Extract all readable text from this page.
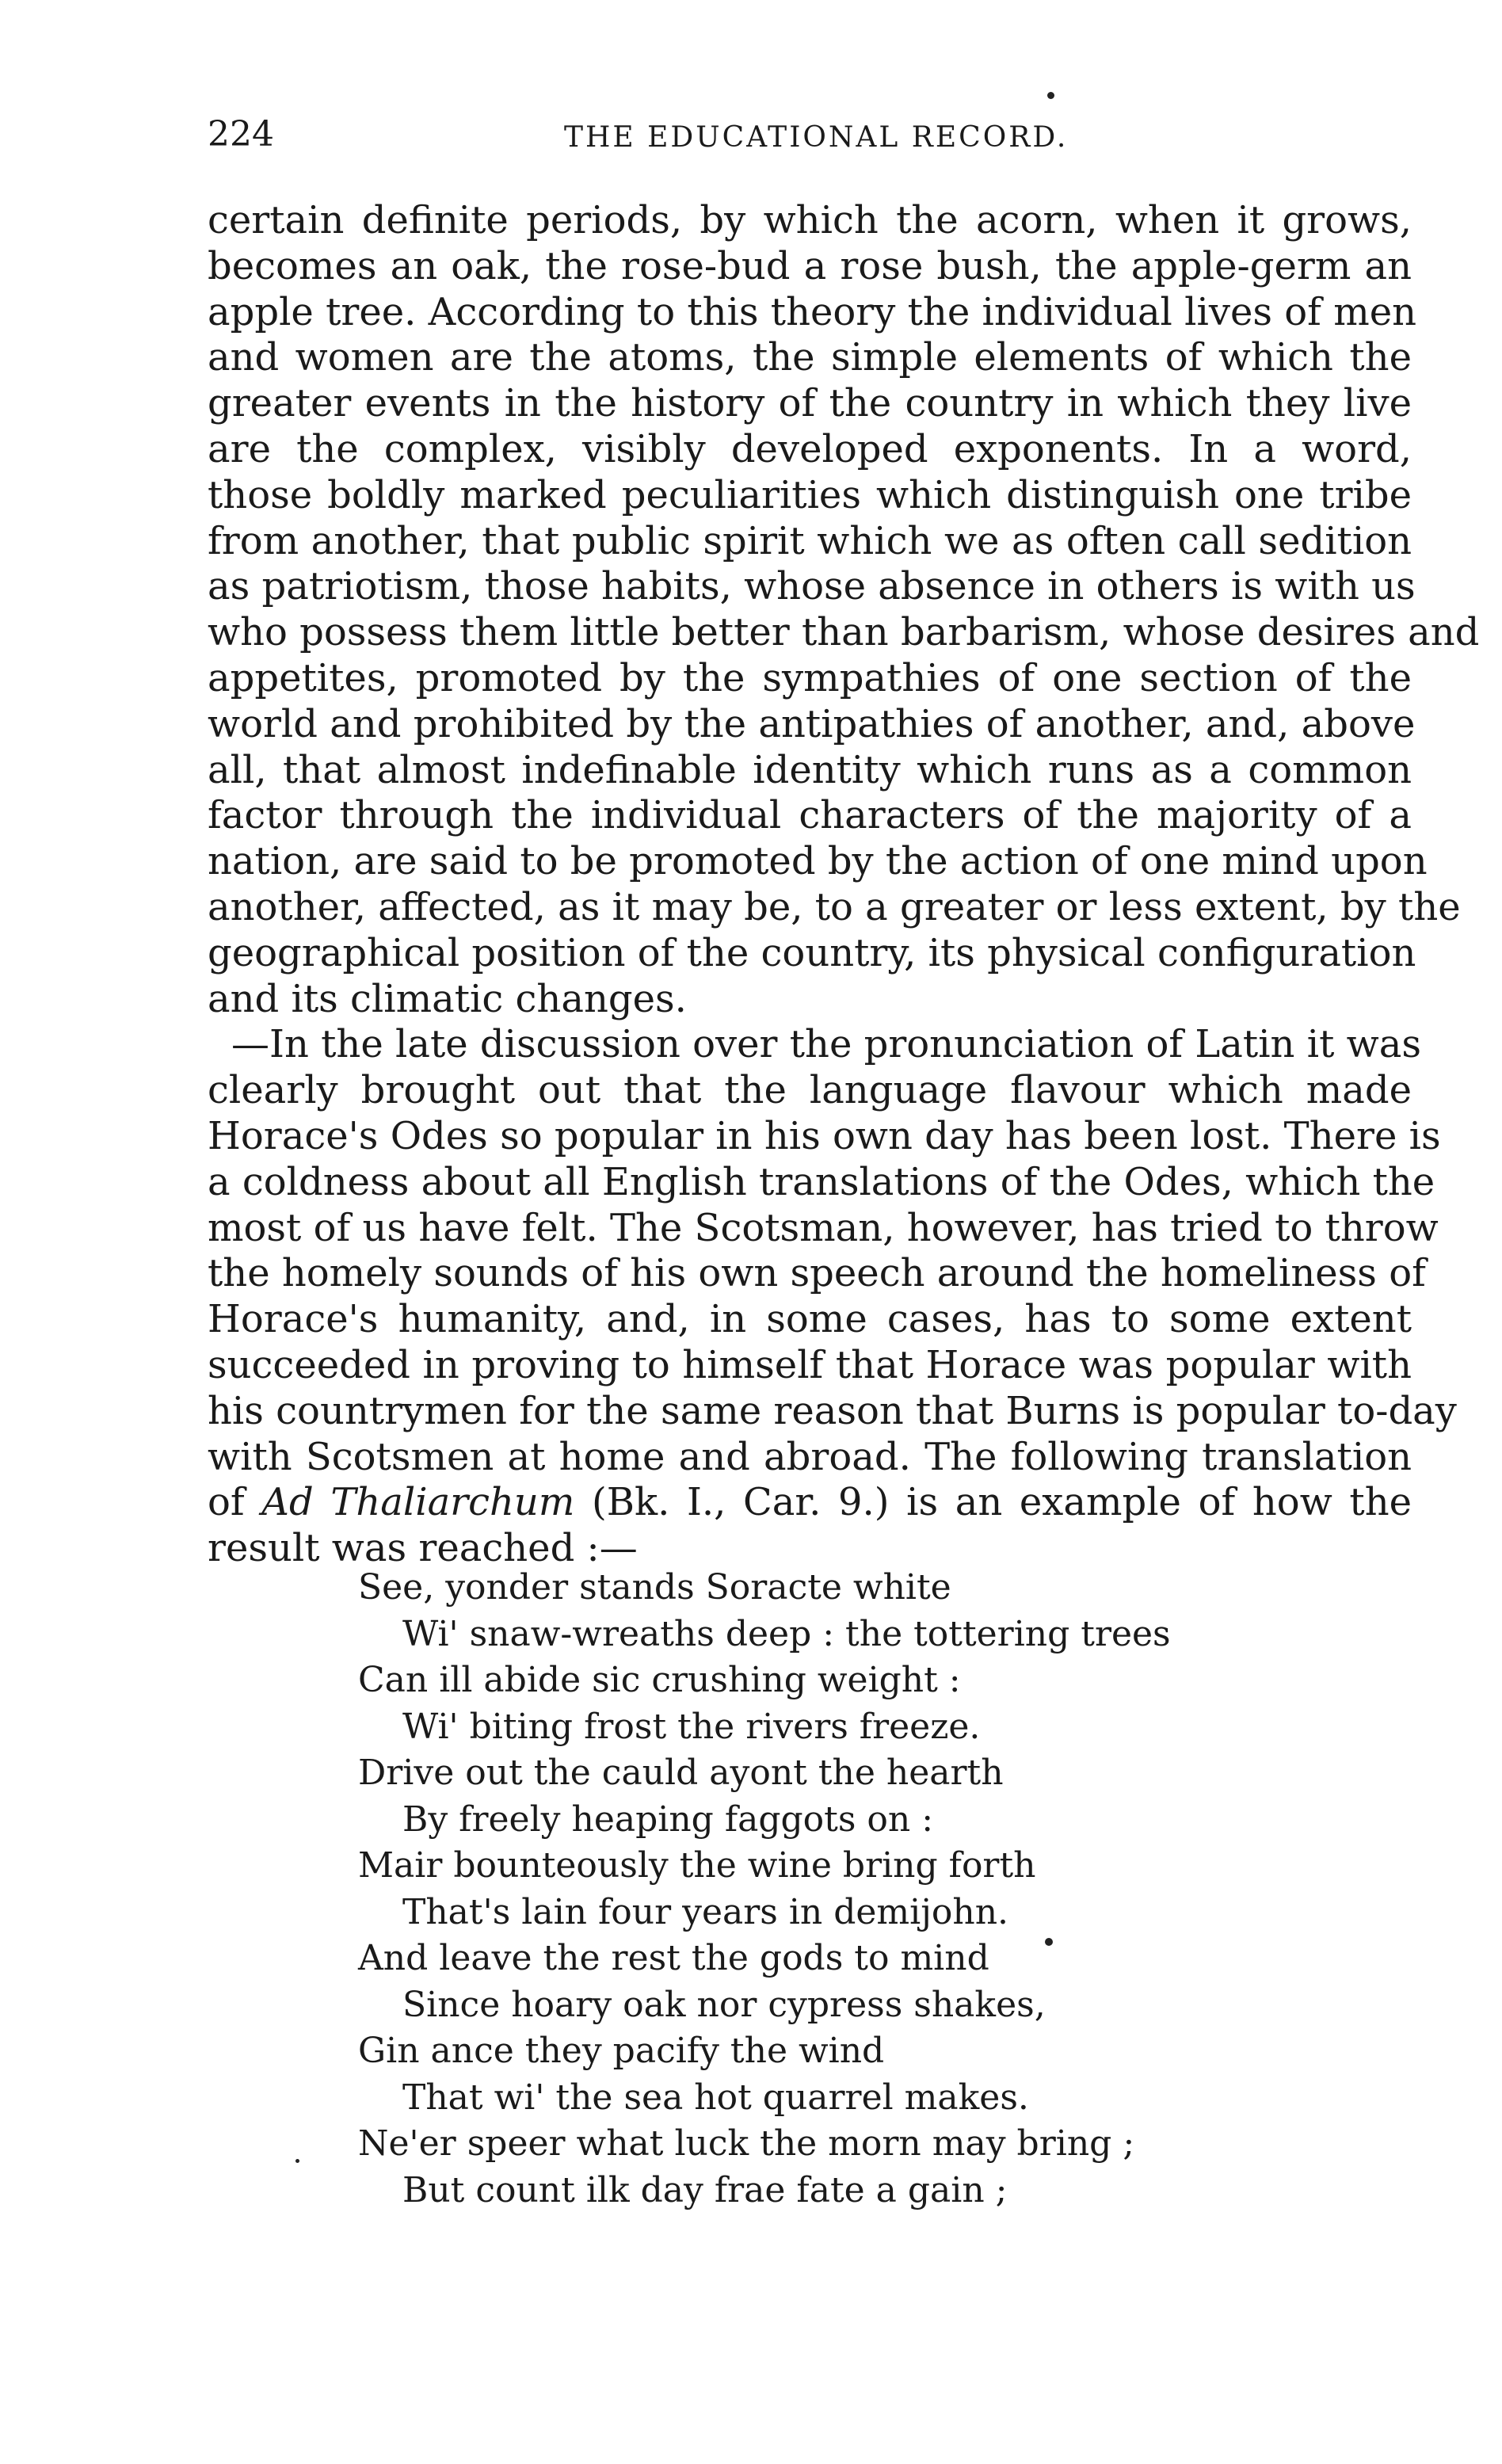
224	THE EDUCATIONAL RECORD.
certain definite periods, by which the acorn, when it grows,
becomes an oak, the rose-bud a rose bush, the apple-germ an
apple tree. According to this theory the individual lives of men
and women are the atoms, the simple elements of which the
greater events in the history of the country in which they live
are the complex, visibly developed exponents. In a word,
those boldly marked peculiarities which distinguish one tribe
from another, that public spirit which we as often call sedition
as patriotism, those habits, whose absence in others is with us
who possess them little better than barbarism, whose desires and
appetites, promoted by the sympathies of one section of the
world and prohibited by the antipathies of another, and, above
all, that almost indefinable identity which runs as a common
factor through the individual characters of the majority of a
nation, are said to be promoted by the action of one mind upon
another, affected, as it may be, to a greater or less extent, by the
geographical position of the country, its physical configuration
and its climatic changes.
—In the late discussion over the pronunciation of Latin it was
clearly brought out that the language flavour which made
Horace's Odes so popular in his own day has been lost. There is
a coldness about all English translations of the Odes, which the
most of us have felt. The Scotsman, however, has tried to throw
the homely sounds of his own speech around the homeliness of
Horace's humanity, and, in some cases, has to some extent
succeeded in proving to himself that Horace was popular with
his countrymen for the same reason that Burns is popular to-day
with Scotsmen at home and abroad. The following translation
of Ad Thaliarchum (Bk. I., Car. 9.) is an example of how the
result was reached :—
See, yonder stands Soracte white
Wi' snaw-wreaths deep : the tottering trees
Can ill abide sic crushing weight :
Wi' biting frost the rivers freeze.
Drive out the cauld ayont the hearth
By freely heaping faggots on :
Mair bounteously the wine bring forth
That's lain four years in demijohn.
And leave the rest the gods to mind
Since hoary oak nor cypress shakes,
Gin ance they pacify the wind
That wi' the sea hot quarrel makes.
Ne'er speer what luck the morn may bring ;
But count ilk day frae fate a gain ;
